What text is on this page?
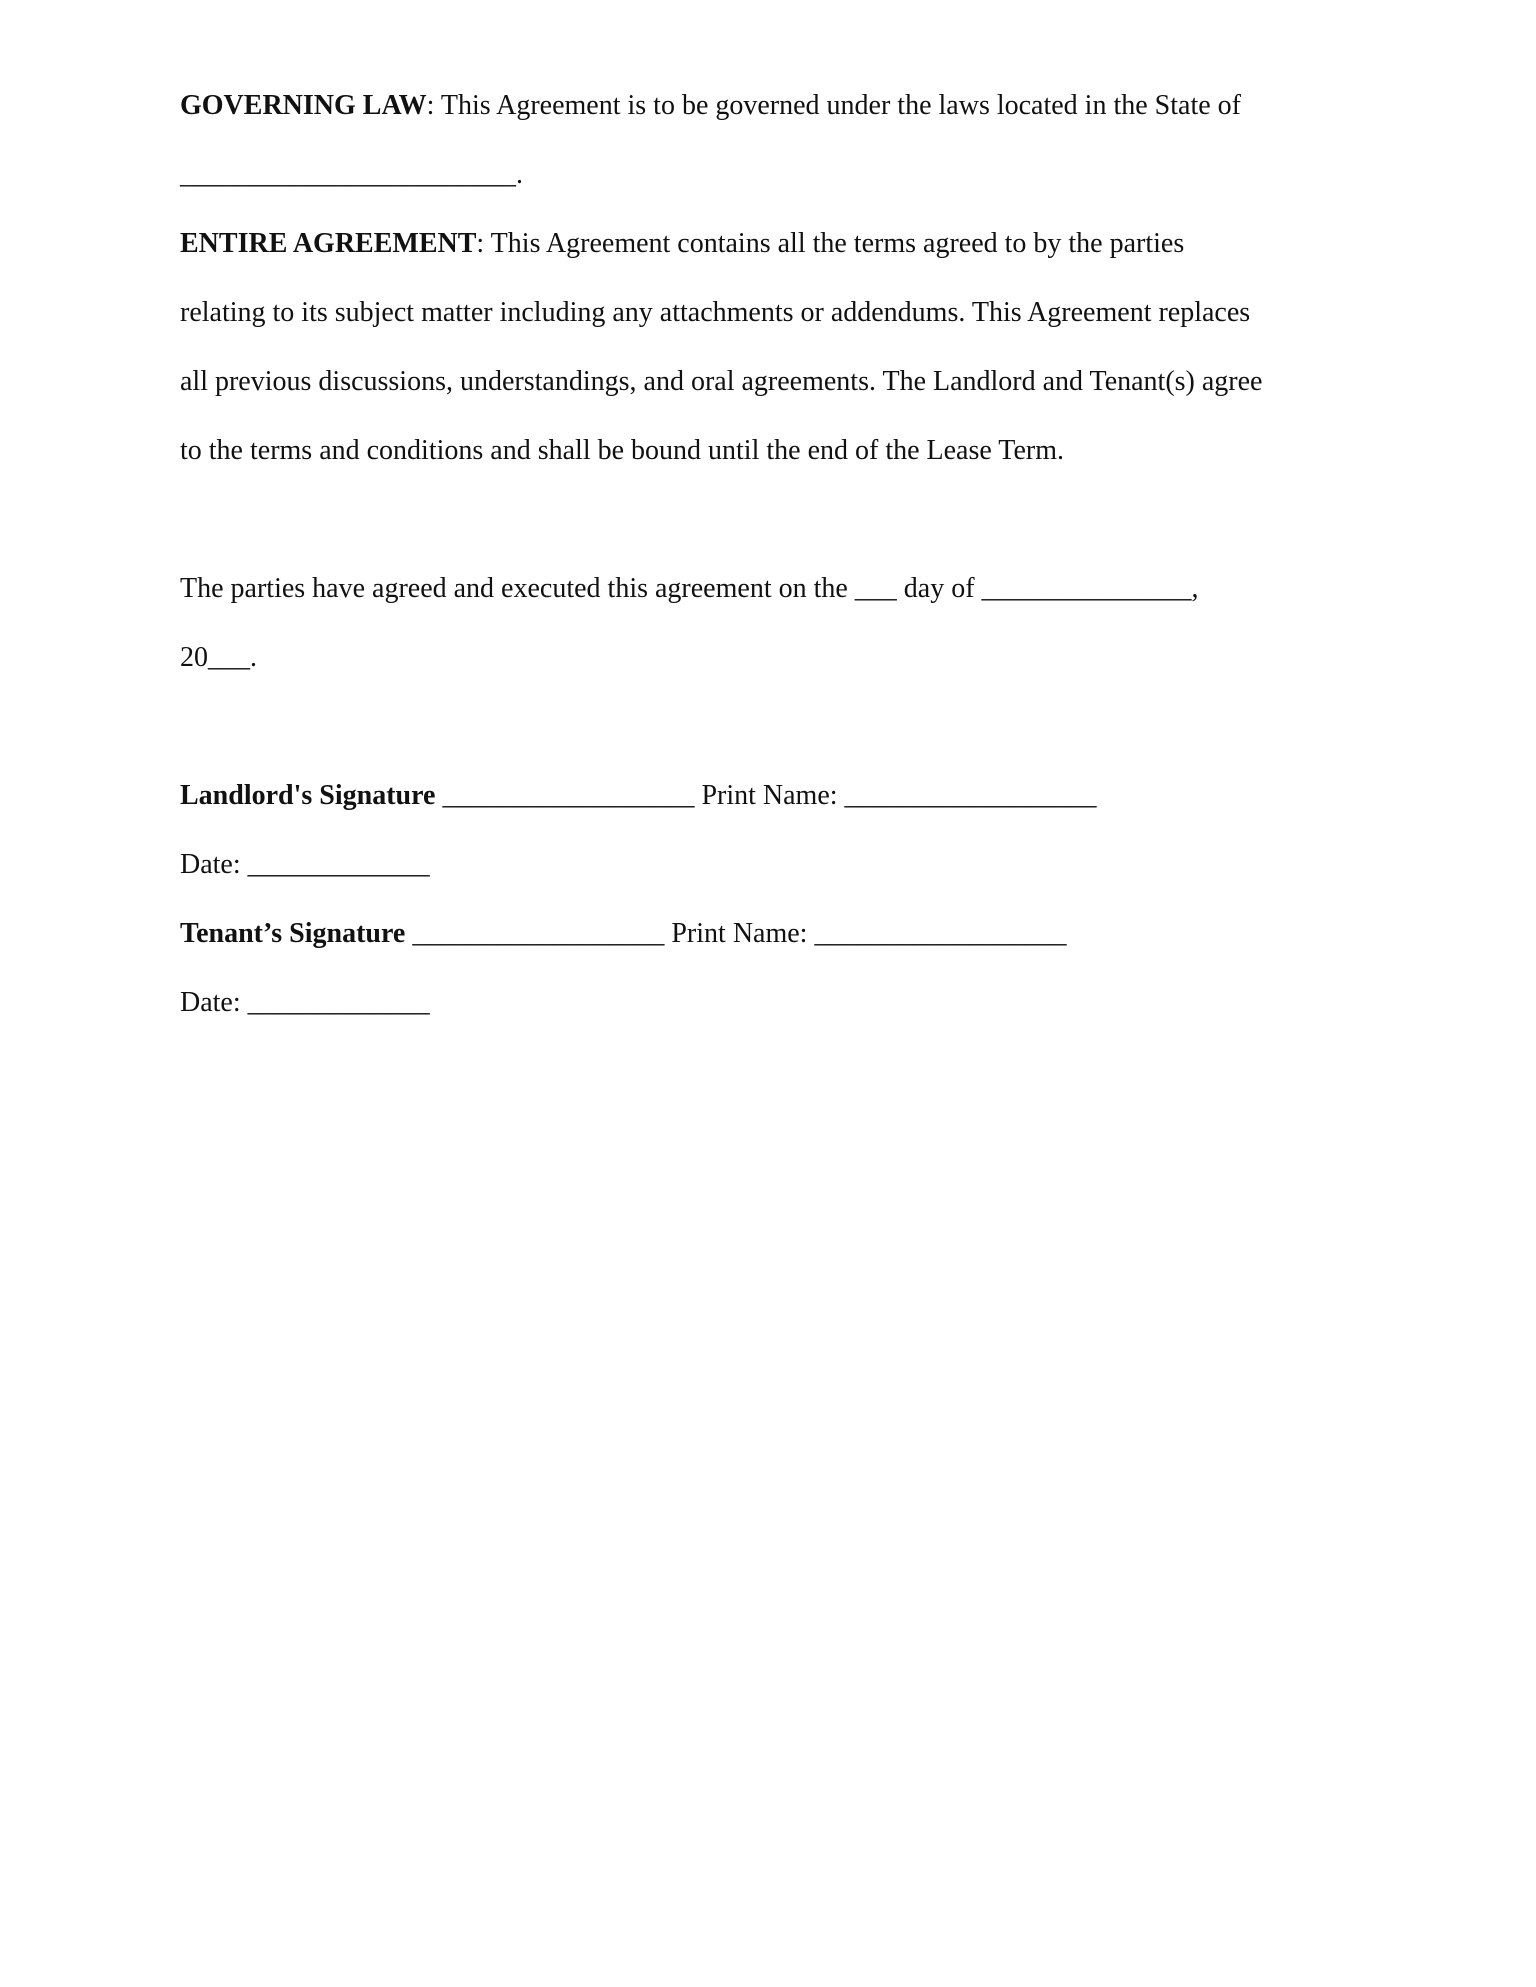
GOVERNING LAW: This Agreement is to be governed under the laws located in the State of
________________________.
ENTIRE AGREEMENT: This Agreement contains all the terms agreed to by the parties
relating to its subject matter including any attachments or addendums. This Agreement replaces
all previous discussions, understandings, and oral agreements. The Landlord and Tenant(s) agree
to the terms and conditions and shall be bound until the end of the Lease Term.
The parties have agreed and executed this agreement on the ___ day of _______________,
20___.
Landlord's Signature __________________ Print Name: __________________
Date: _____________
Tenant’s Signature __________________ Print Name: __________________
Date: _____________
